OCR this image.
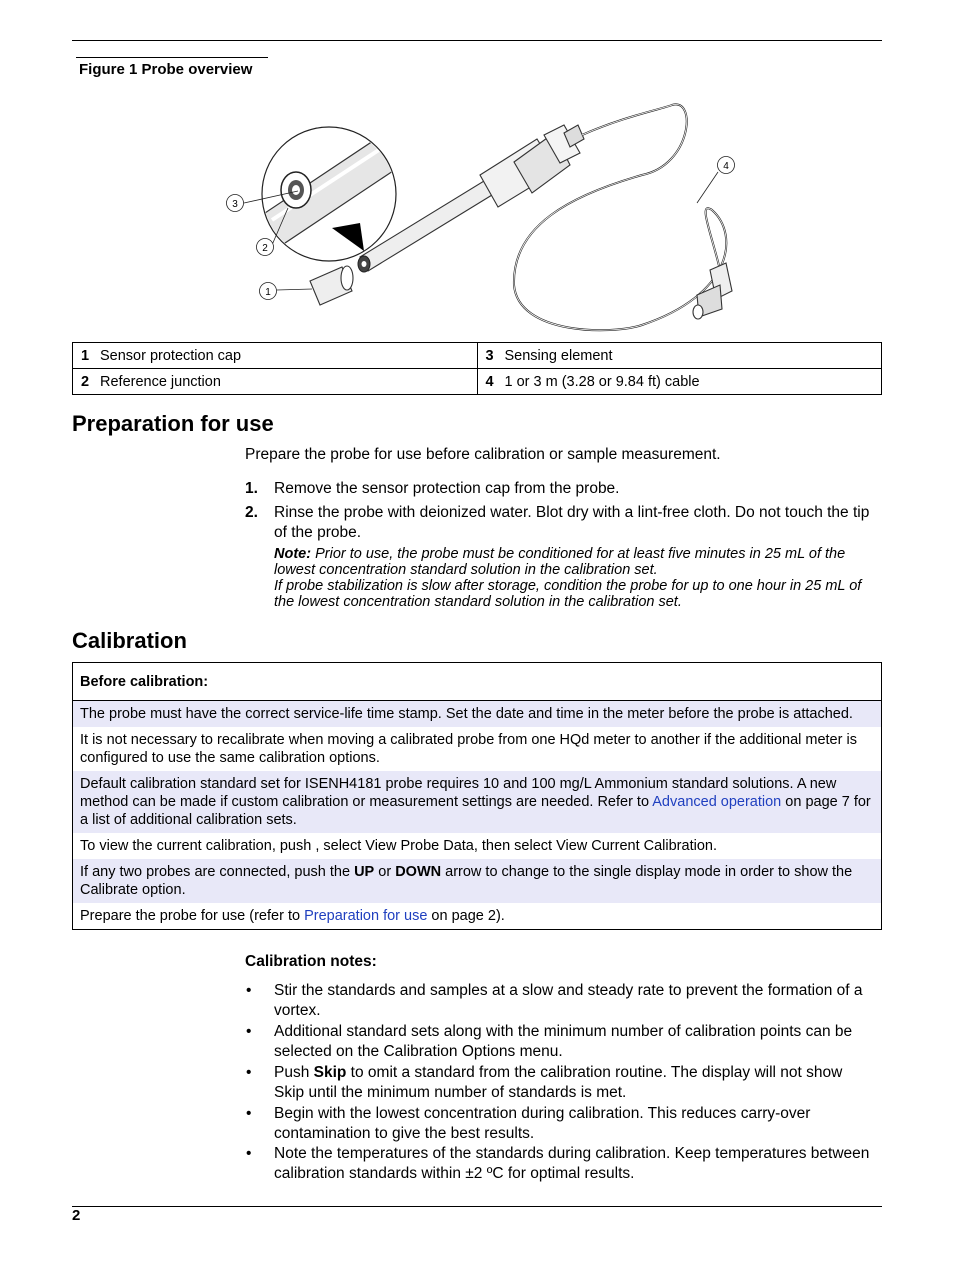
Figure 1 Probe overview
3
2
1
4
1 Sensor protection cap	3 Sensing element
2 Reference junction	4 1 or 3 m (3.28 or 9.84 ft) cable
Preparation for use

Prepare the probe for use before calibration or sample measurement.

1. Remove the sensor protection cap from the probe.
2. Rinse the probe with deionized water. Blot dry with a lint-free cloth. Do not touch the tip of the probe.
Note: Prior to use, the probe must be conditioned for at least five minutes in 25 mL of the lowest concentration standard solution in the calibration set.
If probe stabilization is slow after storage, condition the probe for up to one hour in 25 mL of the lowest concentration standard solution in the calibration set.
Calibration
Before calibration:
The probe must have the correct service-life time stamp. Set the date and time in the meter before the probe is attached.
It is not necessary to recalibrate when moving a calibrated probe from one HQd meter to another if the additional meter is configured to use the same calibration options.
Default calibration standard set for ISENH4181 probe requires 10 and 100 mg/L Ammonium standard solutions. A new method can be made if custom calibration or measurement settings are needed. Refer to Advanced operation on page 7 for a list of additional calibration sets.
To view the current calibration, push , select View Probe Data, then select View Current Calibration.
If any two probes are connected, push the UP or DOWN arrow to change to the single display mode in order to show the Calibrate option.
Prepare the probe for use (refer to Preparation for use on page 2).

Calibration notes:

• Stir the standards and samples at a slow and steady rate to prevent the formation of a vortex.
• Additional standard sets along with the minimum number of calibration points can be selected on the Calibration Options menu.
• Push Skip to omit a standard from the calibration routine. The display will not show Skip until the minimum number of standards is met.
• Begin with the lowest concentration during calibration. This reduces carry-over contamination to give the best results.
• Note the temperatures of the standards during calibration. Keep temperatures between calibration standards within ±2 ºC for optimal results.
2
